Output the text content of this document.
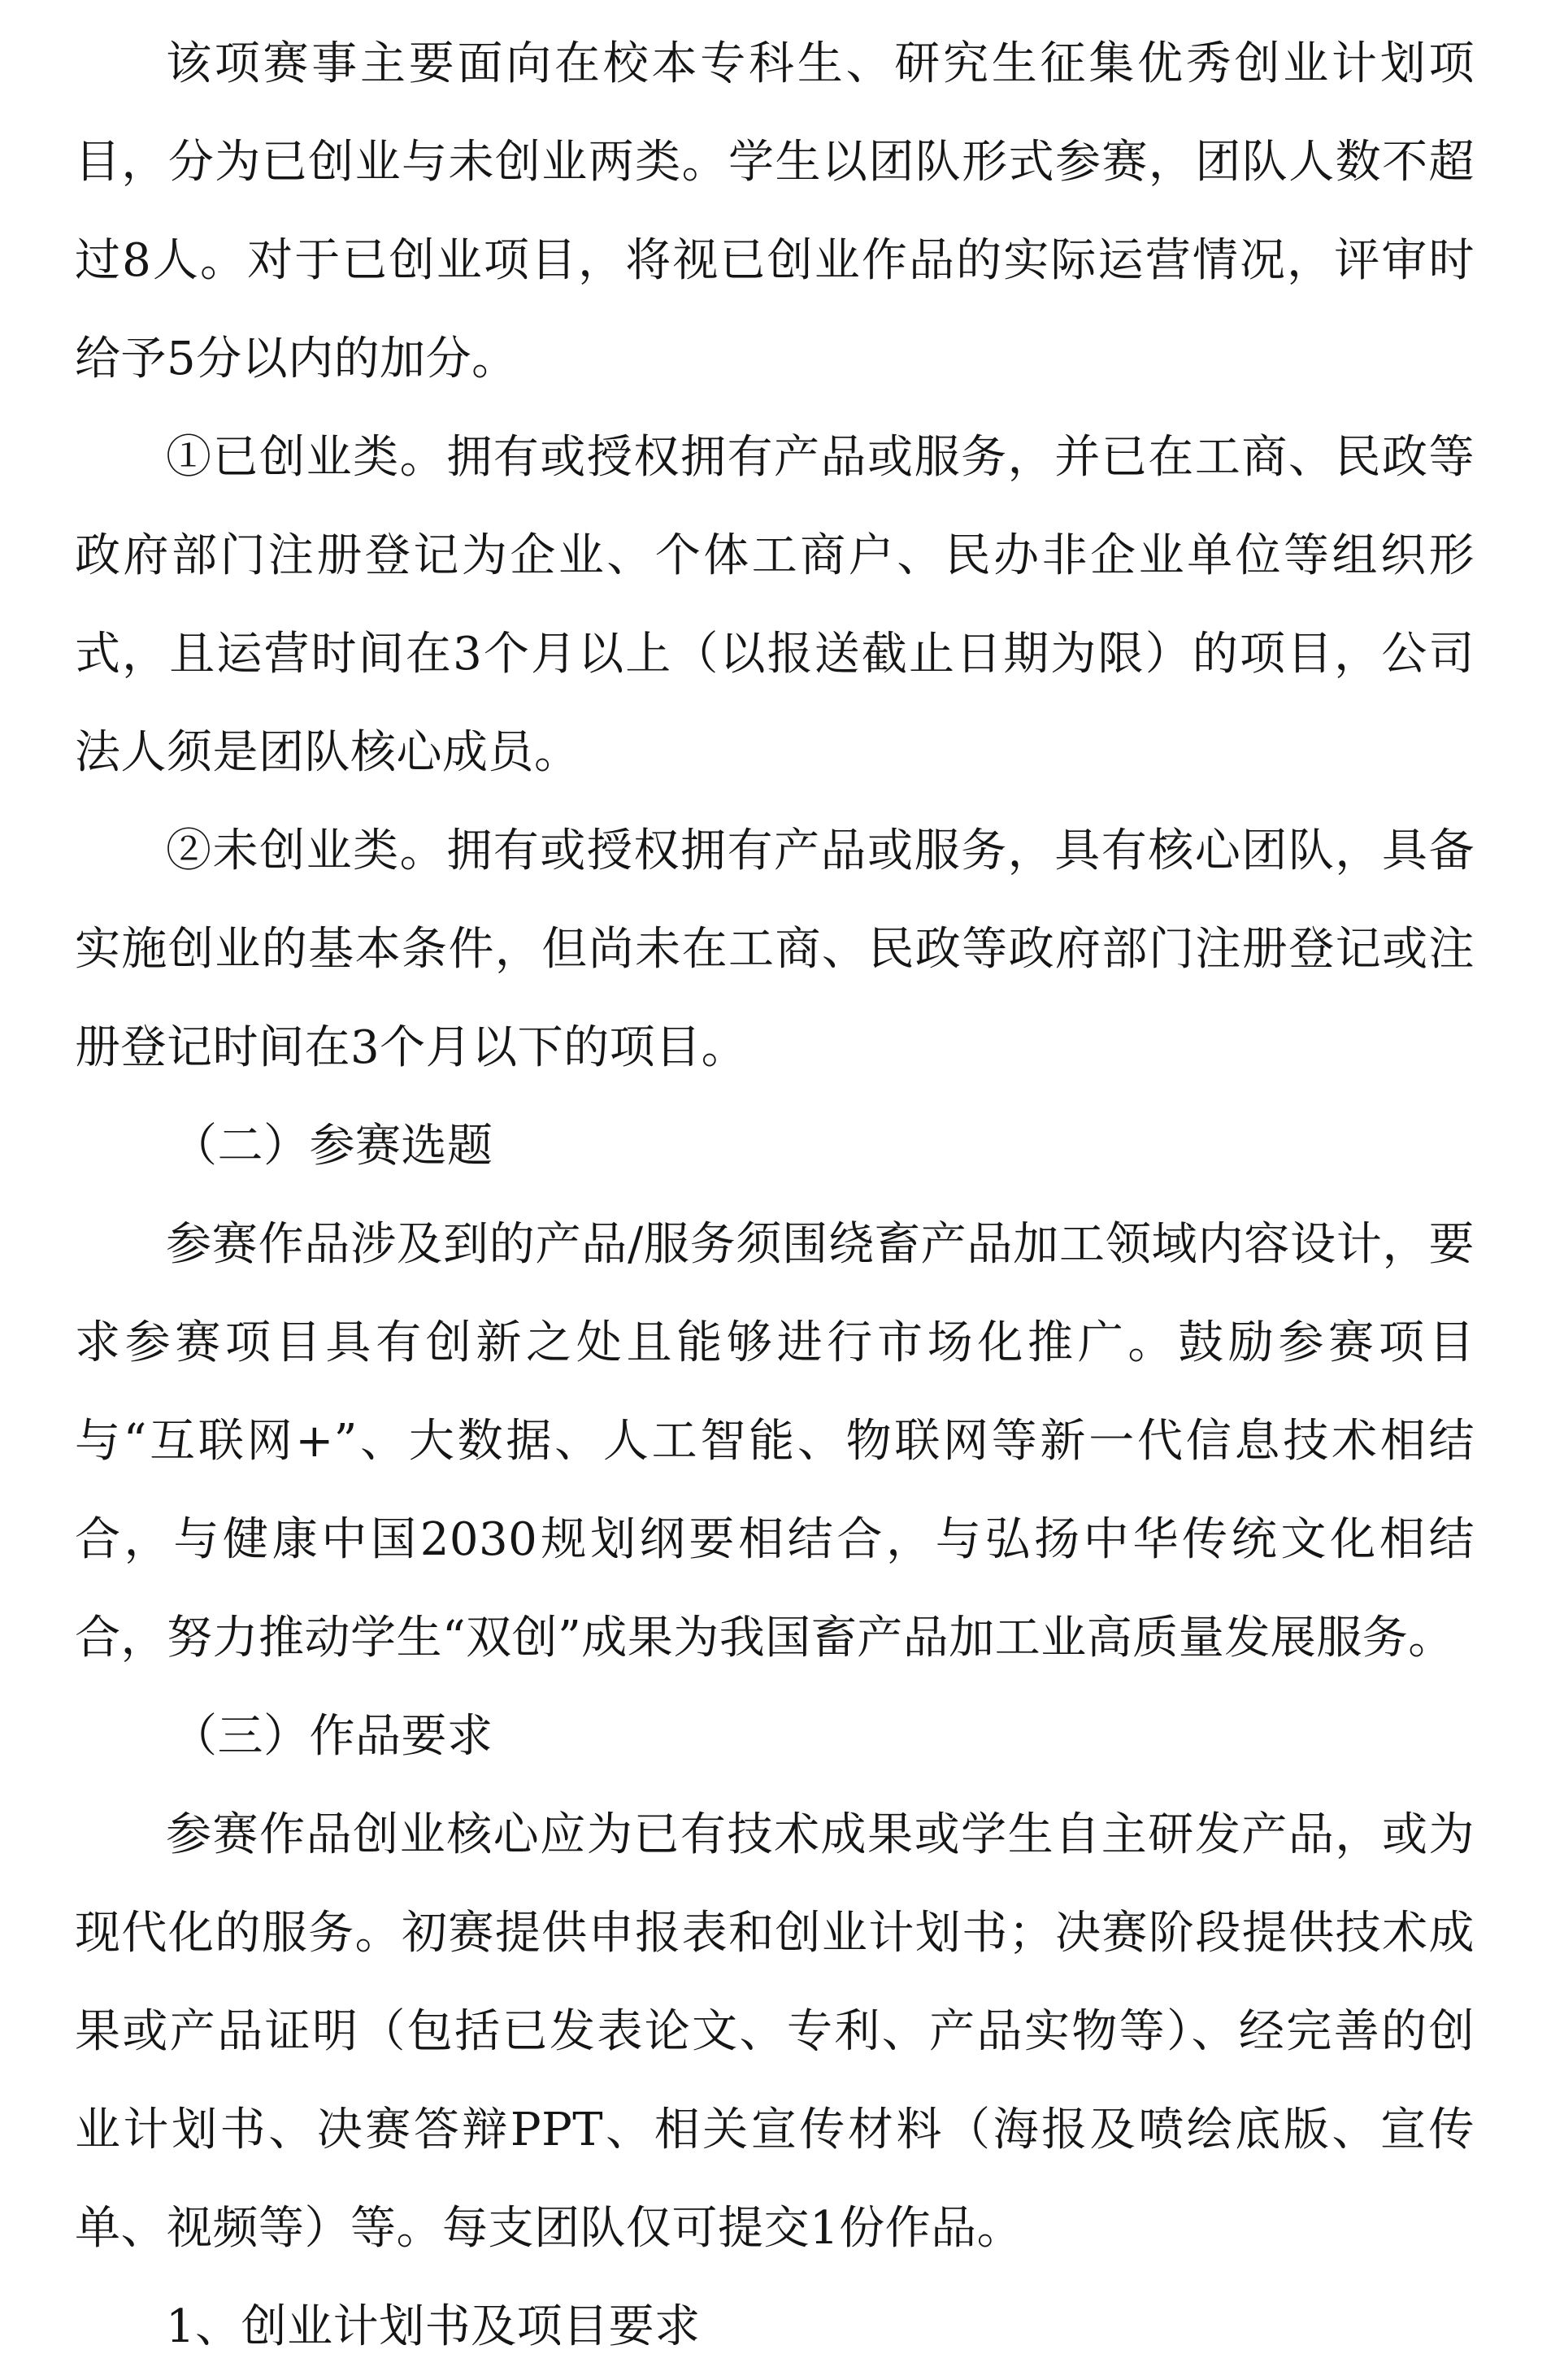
该项赛事主要面向在校本专科生、研究生征集优秀创业计划项目，分为已创业与未创业两类。学生以团队形式参赛，团队人数不超过8人。对于已创业项目，将视已创业作品的实际运营情况，评审时给予5分以内的加分。

①已创业类。拥有或授权拥有产品或服务，并已在工商、民政等政府部门注册登记为企业、个体工商户、民办非企业单位等组织形式，且运营时间在3个月以上（以报送截止日期为限）的项目，公司法人须是团队核心成员。

②未创业类。拥有或授权拥有产品或服务，具有核心团队，具备实施创业的基本条件，但尚未在工商、民政等政府部门注册登记或注册登记时间在3个月以下的项目。

（二）参赛选题

参赛作品涉及到的产品/服务须围绕畜产品加工领域内容设计，要求参赛项目具有创新之处且能够进行市场化推广。鼓励参赛项目与“互联网+”、大数据、人工智能、物联网等新一代信息技术相结合，与健康中国2030规划纲要相结合，与弘扬中华传统文化相结合，努力推动学生“双创”成果为我国畜产品加工业高质量发展服务。

（三）作品要求

参赛作品创业核心应为已有技术成果或学生自主研发产品，或为现代化的服务。初赛提供申报表和创业计划书；决赛阶段提供技术成果或产品证明（包括已发表论文、专利、产品实物等）、经完善的创业计划书、决赛答辩PPT、相关宣传材料（海报及喷绘底版、宣传单、视频等）等。每支团队仅可提交1份作品。

1、创业计划书及项目要求
